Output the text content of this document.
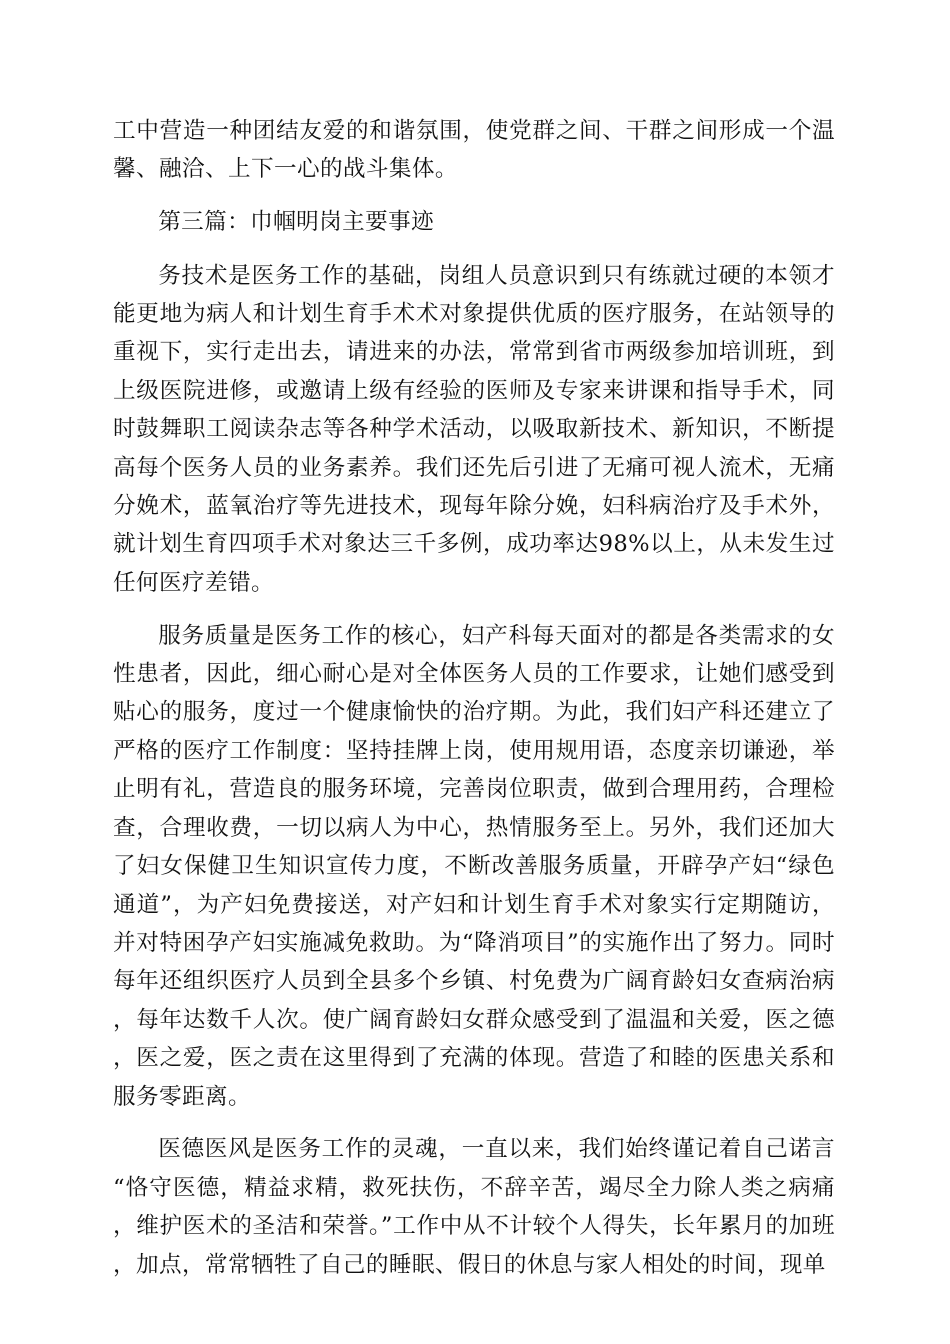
工中营造一种团结友爱的和谐氛围，使党群之间、干群之间形成一个温馨、融洽、上下一心的战斗集体。

第三篇：巾帼明岗主要事迹

务技术是医务工作的基础，岗组人员意识到只有练就过硬的本领才能更地为病人和计划生育手术术对象提供优质的医疗服务，在站领导的重视下，实行走出去，请进来的办法，常常到省市两级参加培训班，到上级医院进修，或邀请上级有经验的医师及专家来讲课和指导手术，同时鼓舞职工阅读杂志等各种学术活动，以吸取新技术、新知识，不断提高每个医务人员的业务素养。我们还先后引进了无痛可视人流术，无痛分娩术，蓝氧治疗等先进技术，现每年除分娩，妇科病治疗及手术外，就计划生育四项手术对象达三千多例，成功率达98%以上，从未发生过任何医疗差错。

服务质量是医务工作的核心，妇产科每天面对的都是各类需求的女性患者，因此，细心耐心是对全体医务人员的工作要求，让她们感受到贴心的服务，度过一个健康愉快的治疗期。为此，我们妇产科还建立了严格的医疗工作制度：坚持挂牌上岗，使用规用语，态度亲切谦逊，举止明有礼，营造良的服务环境，完善岗位职责，做到合理用药，合理检查，合理收费，一切以病人为中心，热情服务至上。另外，我们还加大了妇女保健卫生知识宣传力度，不断改善服务质量，开辟孕产妇“绿色通道”，为产妇免费接送，对产妇和计划生育手术对象实行定期随访，并对特困孕产妇实施减免救助。为“降消项目”的实施作出了努力。同时每年还组织医疗人员到全县多个乡镇、村免费为广阔育龄妇女查病治病，每年达数千人次。使广阔育龄妇女群众感受到了温温和关爱，医之德，医之爱，医之责在这里得到了充满的体现。营造了和睦的医患关系和服务零距离。

医德医风是医务工作的灵魂，一直以来，我们始终谨记着自己诺言“恪守医德，精益求精，救死扶伤，不辞辛苦，竭尽全力除人类之病痛，维护医术的圣洁和荣誉。”工作中从不计较个人得失，长年累月的加班，加点，常常牺牲了自己的睡眠、假日的休息与家人相处的时间，现单
